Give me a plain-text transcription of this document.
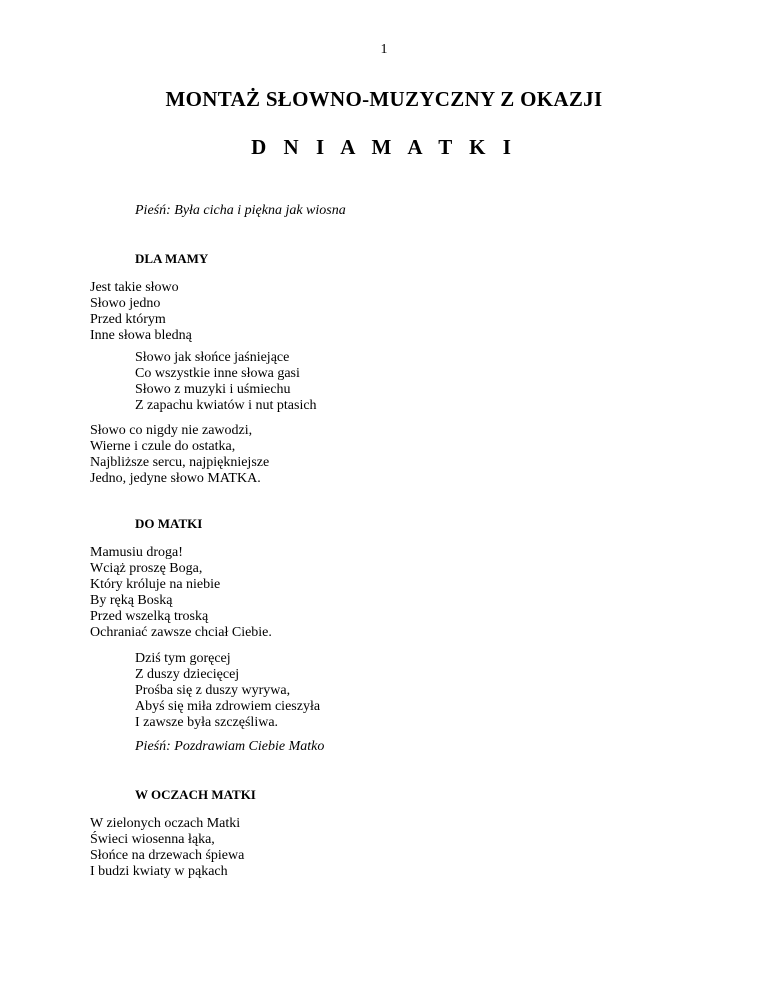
1
MONTAŻ SŁOWNO-MUZYCZNY Z OKAZJI
D N I A M A T K I
Pieśń: Była cicha i piękna jak wiosna
DLA MAMY
Jest takie słowo
Słowo jedno
Przed którym
Inne słowa bledną
Słowo jak słońce jaśniejące
Co wszystkie inne słowa gasi
Słowo z muzyki i uśmiechu
Z zapachu kwiatów i nut ptasich
Słowo co nigdy nie zawodzi,
Wierne i czule do ostatka,
Najbliższe sercu, najpiękniejsze
Jedno, jedyne słowo MATKA.
DO MATKI
Mamusiu droga!
Wciąż proszę Boga,
Który króluje na niebie
By ręką Boską
Przed wszelką troską
Ochraniać zawsze chciał Ciebie.
Dziś tym goręcej
Z duszy dziecięcej
Prośba się z duszy wyrywa,
Abyś się miła zdrowiem cieszyła
I zawsze była szczęśliwa.
Pieśń: Pozdrawiam Ciebie Matko
W OCZACH MATKI
W zielonych oczach Matki
Świeci wiosenna łąka,
Słońce na drzewach śpiewa
I budzi kwiaty w pąkach
